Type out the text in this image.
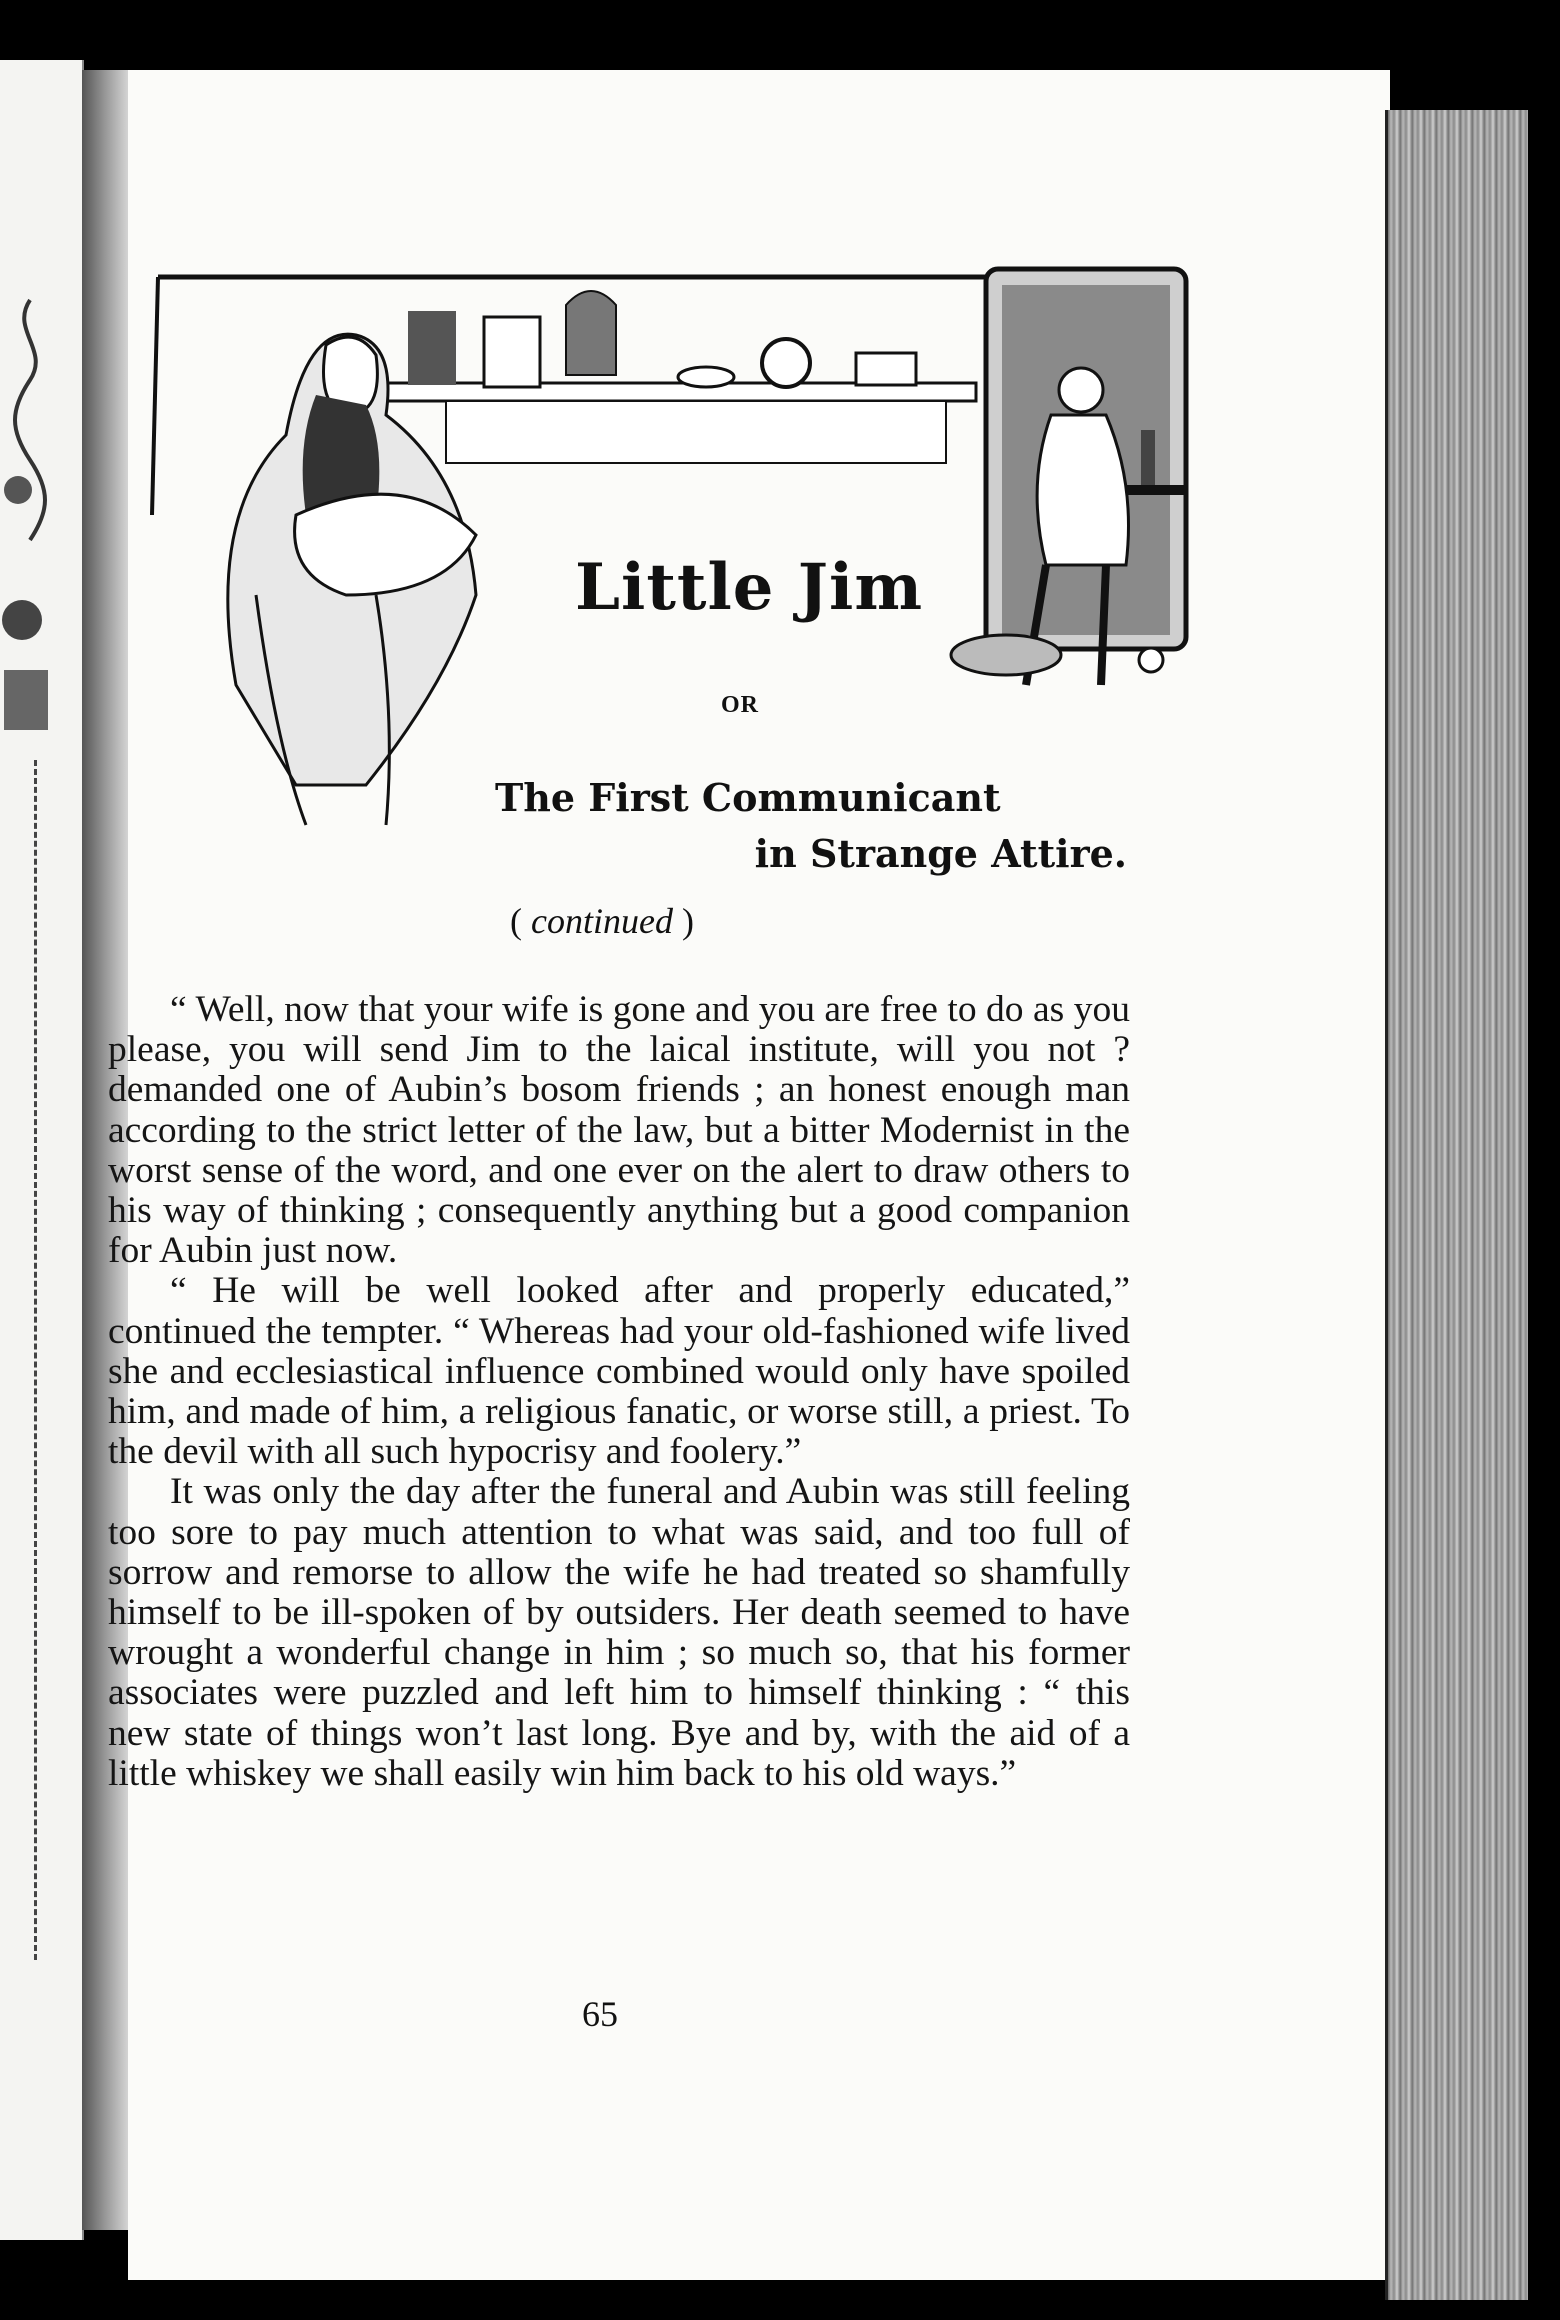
Little Jim
OR
The First Communicant
in Strange Attire.
( continued )

“ Well, now that your wife is gone and you are free to do as you please, you will send Jim to the laical institute, will you not ? demanded one of Aubin’s bosom friends ; an honest enough man according to the strict letter of the law, but a bitter Modernist in the worst sense of the word, and one ever on the alert to draw others to his way of thinking ; consequently anything but a good companion for Aubin just now.

“ He will be well looked after and properly educated,” continued the tempter. “ Whereas had your old-fashioned wife lived she and ecclesiastical influence combined would only have spoiled him, and made of him, a religious fanatic, or worse still, a priest. To the devil with all such hypocrisy and foolery.”

It was only the day after the funeral and Aubin was still feeling too sore to pay much attention to what was said, and too full of sorrow and remorse to allow the wife he had treated so shamfully himself to be ill-spoken of by outsiders. Her death seemed to have wrought a wonderful change in him ; so much so, that his former associates were puzzled and left him to himself thinking : “ this new state of things won’t last long. Bye and by, with the aid of a little whiskey we shall easily win him back to his old ways.”

65
